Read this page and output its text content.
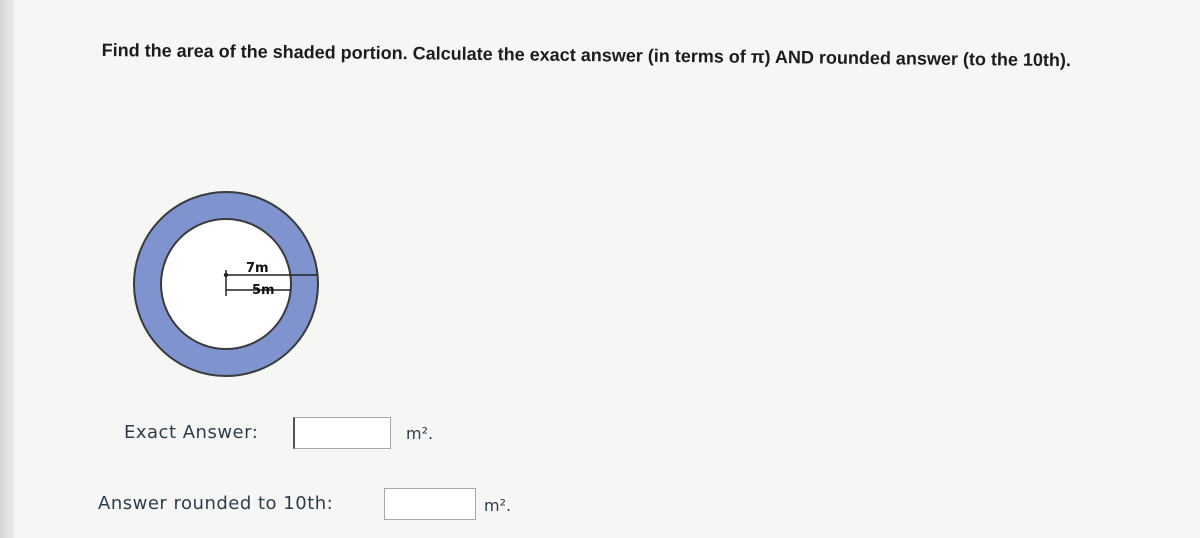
Find the area of the shaded portion. Calculate the exact answer (in terms of π) AND rounded answer (to the 10th).
7m
5m
Exact Answer:	m².
Answer rounded to 10th:	m².
